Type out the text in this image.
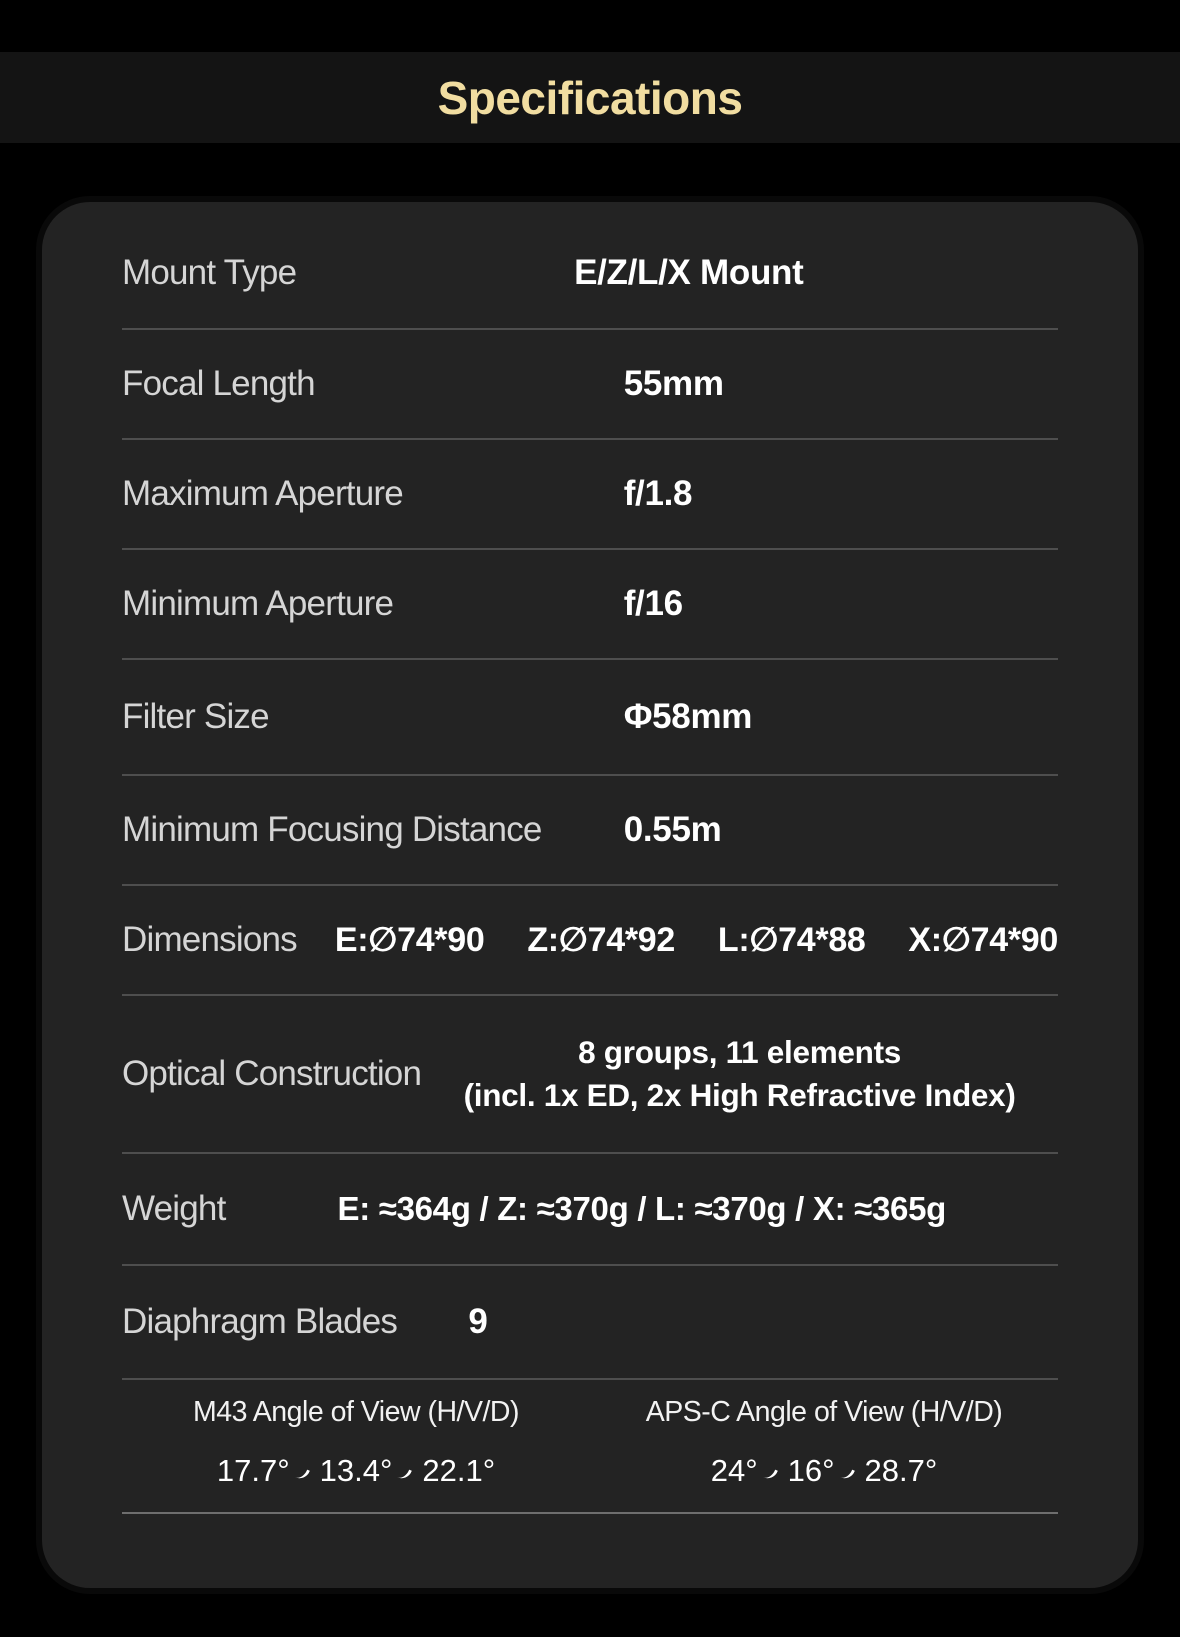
Specifications
Mount Type	E/Z/L/X Mount
Focal Length	55mm
Maximum Aperture	f/1.8
Minimum Aperture	f/16
Filter Size	Φ58mm
Minimum Focusing Distance 0.55m
Dimensions E:∅74*90 Z:∅74*92 L:∅74*88 X:∅74*90
Optical Construction
8 groups, 11 elements
(incl. 1x ED, 2x High Refractive Index)
Weight	E: ≈364g / Z: ≈370g / L: ≈370g / X: ≈365g
Diaphragm Blades 9
M43 Angle of View (H/V/D)
17.7° 13.4° 22.1°
APS-C Angle of View (H/V/D)
24° 16° 28.7°
